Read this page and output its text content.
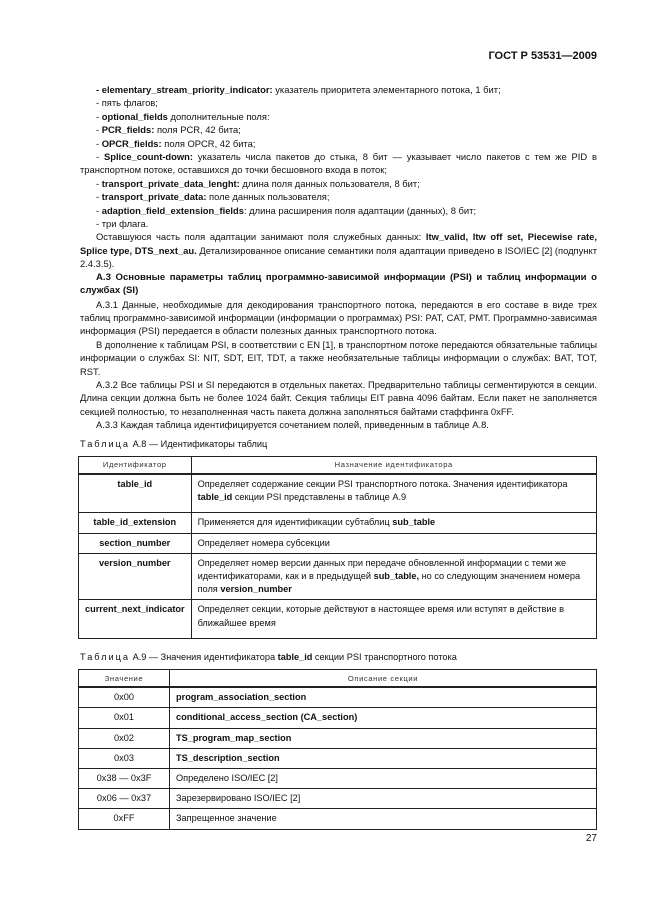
ГОСТ Р 53531—2009

- elementary_stream_priority_indicator: указатель приоритета элементарного потока, 1 бит;

- пять флагов;

- optional_fields дополнительные поля:

- PCR_fields: поля PCR, 42 бита;

- OPCR_fields: поля OPCR, 42 бита;

- Splice_count-down: указатель числа пакетов до стыка, 8 бит — указывает число пакетов с тем же PID в транспортном потоке, оставшихся до точки бесшовного входа в поток;

- transport_private_data_lenght: длина поля данных пользователя, 8 бит;

- transport_private_data: поле данных пользователя;

- adaption_field_extension_fields: длина расширения поля адаптации (данных), 8 бит;

- три флага.

Оставшуюся часть поля адаптации занимают поля служебных данных: ltw_valid, ltw off set, Piecewise rate, Splice type, DTS_next_au. Детализированное описание семантики поля адаптации приведено в ISO/IEC [2] (подпункт 2.4.3.5).

А.3 Основные параметры таблиц программно-зависимой информации (PSI) и таблиц информации о службах (SI)

А.3.1 Данные, необходимые для декодирования транспортного потока, передаются в его составе в виде трех таблиц программно-зависимой информации (информации о программах) PSI: PAT, CAT, PMT. Программно-зависимая информация (PSI) передается в области полезных данных транспортного потока.

В дополнение к таблицам PSI, в соответствии с EN [1], в транспортном потоке передаются обязательные таблицы информации о службах SI: NIT, SDT, EIT, TDT, а также необязательные таблицы информации о службах: BAT, TOT, RST.

А.3.2 Все таблицы PSI и SI передаются в отдельных пакетах. Предварительно таблицы сегментируются в секции. Длина секции должна быть не более 1024 байт. Секция таблицы EIT равна 4096 байтам. Если пакет не заполняется секцией полностью, то незаполненная часть пакета должна заполняться байтами стаффинга 0xFF.

А.3.3 Каждая таблица идентифицируется сочетанием полей, приведенным в таблице А.8.

Таблица А.8 — Идентификаторы таблиц
Идентификатор	Назначение идентификатора
table_id	Определяет содержание секции PSI транспортного потока. Значения идентификатора table_id секции PSI представлены в таблице А.9
table_id_extension	Применяется для идентификации субтаблиц sub_table
section_number	Определяет номера субсекции
version_number	Определяет номер версии данных при передаче обновленной информации с теми же идентификаторами, как и в предыдущей sub_table, но со следующим значением номера поля version_number
current_next_indicator	Определяет секции, которые действуют в настоящее время или вступят в действие в ближайшее время
Таблица А.9 — Значения идентификатора table_id секции PSI транспортного потока
Значение	Описание секции
0x00	program_association_section
0x01	conditional_access_section (CA_section)
0x02	TS_program_map_section
0x03	TS_description_section
0x38 — 0x3F	Определено ISO/IEC [2]
0x06 — 0x37	Зарезервировано ISO/IEC [2]
0xFF	Запрещенное значение
27
